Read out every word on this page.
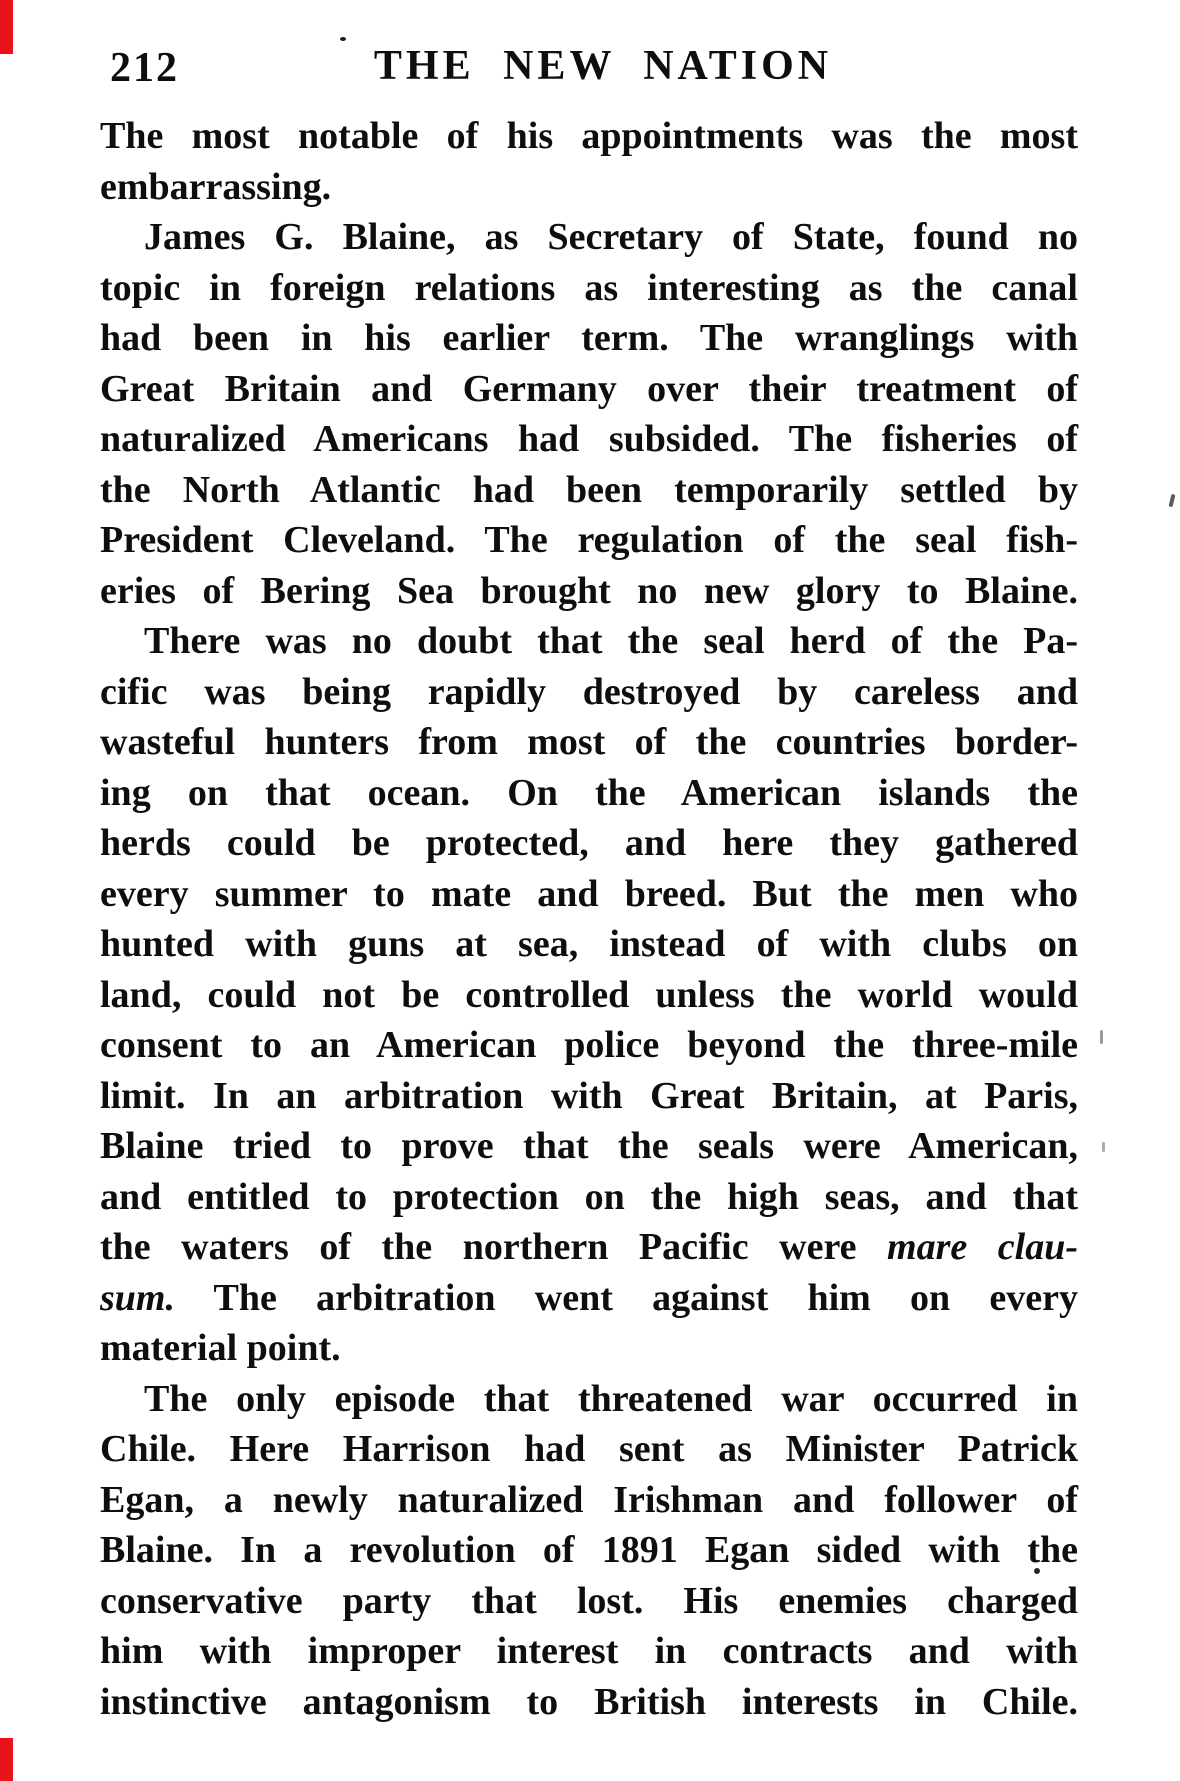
212	THE NEW NATION
The most notable of his appointments was the most
embarrassing.
James G. Blaine, as Secretary of State, found no
topic in foreign relations as interesting as the canal
had been in his earlier term. The wranglings with
Great Britain and Germany over their treatment of
naturalized Americans had subsided. The fisheries of
the North Atlantic had been temporarily settled by
President Cleveland. The regulation of the seal fish-
eries of Bering Sea brought no new glory to Blaine.
There was no doubt that the seal herd of the Pa-
cific was being rapidly destroyed by careless and
wasteful hunters from most of the countries border-
ing on that ocean. On the American islands the
herds could be protected, and here they gathered
every summer to mate and breed. But the men who
hunted with guns at sea, instead of with clubs on
land, could not be controlled unless the world would
consent to an American police beyond the three-mile
limit. In an arbitration with Great Britain, at Paris,
Blaine tried to prove that the seals were American,
and entitled to protection on the high seas, and that
the waters of the northern Pacific were mare clau-
sum. The arbitration went against him on every
material point.
The only episode that threatened war occurred in
Chile. Here Harrison had sent as Minister Patrick
Egan, a newly naturalized Irishman and follower of
Blaine. In a revolution of 1891 Egan sided with the
conservative party that lost. His enemies charged
him with improper interest in contracts and with
instinctive antagonism to British interests in Chile.
